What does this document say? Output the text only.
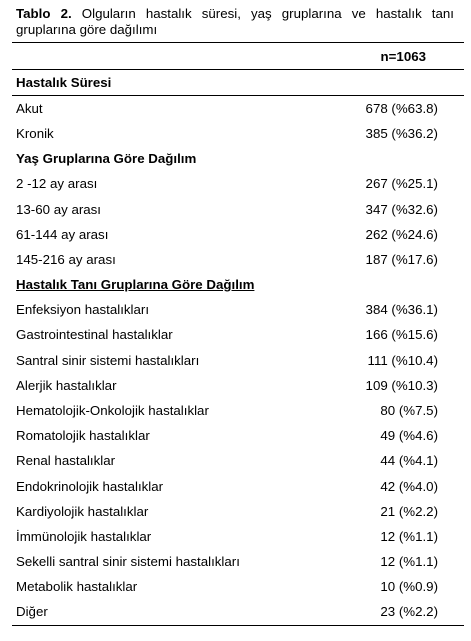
Tablo 2. Olguların hastalık süresi, yaş gruplarına ve hastalık tanı gruplarına göre dağılımı
	n=1063
Hastalık Süresi	
Akut	678 (%63.8)
Kronik	385 (%36.2)
Yaş Gruplarına Göre Dağılım	
2 -12 ay arası	267 (%25.1)
13-60 ay arası	347 (%32.6)
61-144 ay arası	262 (%24.6)
145-216 ay arası	187 (%17.6)
Hastalık Tanı Gruplarına Göre Dağılım	
Enfeksiyon hastalıkları	384 (%36.1)
Gastrointestinal hastalıklar	166 (%15.6)
Santral sinir sistemi hastalıkları	111 (%10.4)
Alerjik hastalıklar	109 (%10.3)
Hematolojik-Onkolojik hastalıklar	80 (%7.5)
Romatolojik hastalıklar	49 (%4.6)
Renal hastalıklar	44 (%4.1)
Endokrinolojik hastalıklar	42 (%4.0)
Kardiyolojik hastalıklar	21 (%2.2)
İmmünolojik hastalıklar	12 (%1.1)
Sekelli santral sinir sistemi hastalıkları	12 (%1.1)
Metabolik hastalıklar	10 (%0.9)
Diğer	23 (%2.2)
